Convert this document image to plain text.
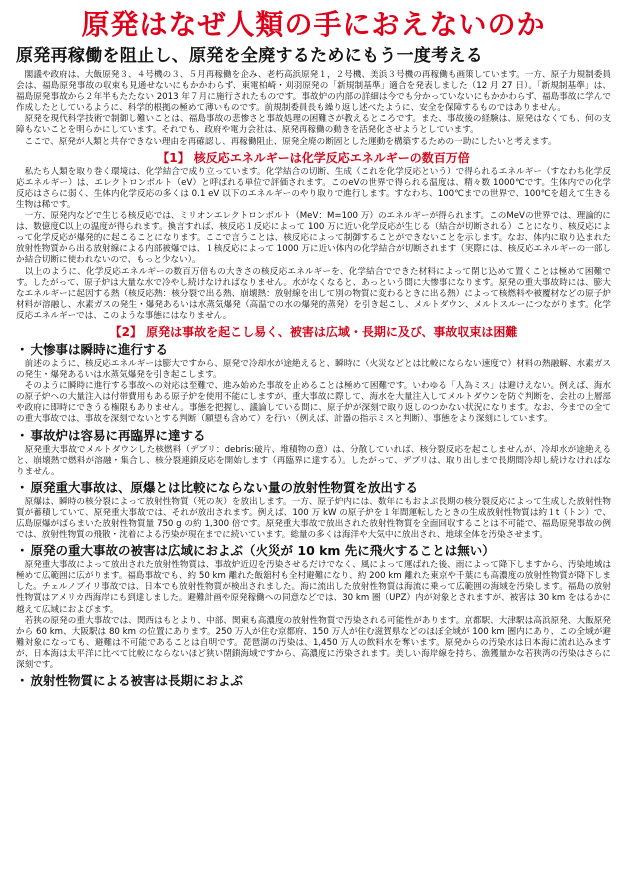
原発はなぜ人類の手におえないのか
原発再稼働を阻止し、原発を全廃するためにもう一度考える

　閣議や政府は、大飯原発３、４号機の３、５月再稼働を企み、老朽高浜原発１，２号機、美浜３号機の再稼働も画策しています。一方、原子力規制委員会は、福島原発事故の収束も見通せないにもかかわらず、東電柏崎・刈羽原発の「新規制基準」適合を発表しました（12 月 27 日）。「新規制基準」は、福島原発事故から２年半もたたない 2013 年７月に施行されたものです。事故炉の内部の詳細は今でも分かっていないにもかかわらず、福島事故に学んで作成したとしているように、科学的根拠の極めて薄いものです。前規制委員長も繰り返し述べたように、安全を保障するものではありません。

　原発を現代科学技術で制御し難いことは、福島事故の悲惨さと事故処理の困難さが教えるところです。また、事故後の経験は、原発はなくても、何の支障もないことを明らかにしています。それでも、政府や電力会社は、原発再稼働の動きを活発化させようとしています。

　ここで、原発が人類と共存できない理由を再確認し、再稼働阻止、原発全廃の断固とした運動を構築するための一助にしたいと考えます。

【1】 核反応エネルギーは化学反応エネルギーの数百万倍

　私たち人類を取り巻く環境は、化学結合で成り立っています。化学結合の切断、生成（これを化学反応という）で得られるエネルギー（すなわち化学反応エネルギー）は、エレクトロンボルト（eV）と呼ばれる単位で評価されます。このeVの世界で得られる温度は、精々数 1000℃です。生体内での化学反応はさらに弱く、生体内化学反応の多くは 0.1 eV 以下のエネルギーのやり取りで進行します。すなわち、100℃までの世界で、100℃を超えて生きる生物は稀です。

　一方、原発内などで生じる核反応では、ミリオンエレクトロンボルト（MeV：M=100 万）のエネルギーが得られます。このMeVの世界では、理論的には、数億度C以上の温度が得られます。換言すれば、核反応１反応によって 100 万に近い化学反応が生じる（結合が切断される）ことになり、核反応によって化学反応が爆発的に起こることになります。ここで言うことは、核反応によって制御することができないことを示します。なお、体内に取り込まれた放射性物質から出る放射線による内部被爆では、１核反応によって 1000 万に近い体内の化学結合が切断されます（実際には、核反応エネルギーの一部しか結合切断に使われないので、もっと少ない）。

　以上のように、化学反応エネルギーの数百万倍もの大きさの核反応エネルギーを、化学結合でできた材料によって閉じ込めて置くことは極めて困難です。したがって、原子炉は大量な水で冷やし続けなければなりません。水がなくなると、あっという間に大惨事になります。原発の重大事故時には、膨大なエネルギーに起因する熱（核反応熱：核分裂で出る熱、崩壊熱：放射線を出して別の物質に変わるときに出る熱）によって核燃料や被覆材などの原子炉材料が溶融し、水素ガスの発生・爆発あるいは水蒸気爆発（高温での水の爆発的蒸発）を引き起こし、メルトダウン、メルトスルーにつながります。化学反応エネルギーでは、このような事態にはなりません。

【2】 原発は事故を起こし易く、被害は広域・長期に及び、事故収束は困難
・ 大惨事は瞬時に進行する

　前述のように、核反応エネルギーは膨大ですから、原発で冷却水が途絶えると、瞬時に（火災などとは比較にならない速度で）材料の熱融解、水素ガスの発生・爆発あるいは水蒸気爆発を引き起こします。

　そのように瞬時に進行する事故への対応は至難で、進み始めた事故を止めることは極めて困難です。いわゆる「人為ミス」は避けえない。例えば、海水の原子炉への大量注入は付帯費用もある原子炉を使用不能にしますが、重大事故に際して、海水を大量注入してメルトダウンを防ぐ判断を、会社の上層部や政府に即時にできうる権限もありません。事態を把握し、議論している間に、原子炉が深刻で取り返しのつかない状況になります。なお、今までの全ての重大事故では、事故を深刻でないとする判断（願望も含めて）を行い（例えば、計器の指示ミスと判断）、事態をより深刻にしています。

・ 事故炉は容易に再臨界に達する

　原発重大事故でメルトダウンした核燃料（デブリ：debris:破片、堆積物の意）は、分散していれば、核分裂反応を起こしませんが、冷却水が途絶えると、崩壊熱で燃料が溶融・集合し、核分裂連鎖反応を開始します（再臨界に達する）。したがって、デブリは、取り出しまで長期間冷却し続けなければなりません。

・ 原発重大事故は、原爆とは比較にならない量の放射性物質を放出する

　原爆は、瞬時の核分裂によって放射性物質（死の灰）を放出します。一方、原子炉内には、数年にもおよぶ長期の核分裂反応によって生成した放射性物質が蓄積していて、原発重大事故では、それが放出されます。例えば、100 万 kW の原子炉を１年間運転したときの生成放射性物質は約１t（トン）で、広島原爆がばらまいた放射性物質量 750 g の約 1,300 倍です。原発重大事故で放出された放射性物質を全面回収することは不可能で、福島原発事故の例では、放射性物質の飛散・沈着による汚染が現在までに続いています。総量の多くは海洋や大気中に放出され、地球全体を汚染させます。

・ 原発の重大事故の被害は広域におよぶ（火災が 10 km 先に飛火することは無い）

　原発重大事故によって放出された放射性物質は、事故炉近辺を汚染させるだけでなく、風によって運ばれた後、雨によって降下しますから、汚染地域は極めて広範囲に広がります。福島事故でも、約 50 km 離れた飯舘村も全村避難になり、約 200 km 離れた東京や千葉にも高濃度の放射性物質が降下しました。チェルノブイリ事故では、日本でも放射性物質が検出されました。海に流出した放射性物質は海流に乗って広範囲の海域を汚染します。福島の放射性物質はアメリカ西海岸にも到達しました。避難計画や原発稼働への同意などでは、30 km 圏（UPZ）内が対象とされますが、被害は 30 km をはるかに越えて広域におよびます。

　若狭の原発の重大事故では、関西はもとより、中部、関東も高濃度の放射性物質で汚染される可能性があります。京都駅、大津駅は高浜原発、大飯原発から 60 km、大阪駅は 80 km の位置にあります。250 万人が住む京都府、150 万人が住む滋賀県などのほぼ全域が 100 km 圏内にあり、この全域が避難対象になっても、避難は不可能であることは自明です。琵琶湖の汚染は、1,450 万人の飲料水を奪います。原発からの汚染水は日本海に流れ込みますが、日本海は太平洋に比べて比較にならないほど狭い閉鎖海域ですから、高濃度に汚染されます。美しい海岸線を持ち、漁獲量かな若狭湾の汚染はさらに深刻です。

・ 放射性物質による被害は長期におよぶ
